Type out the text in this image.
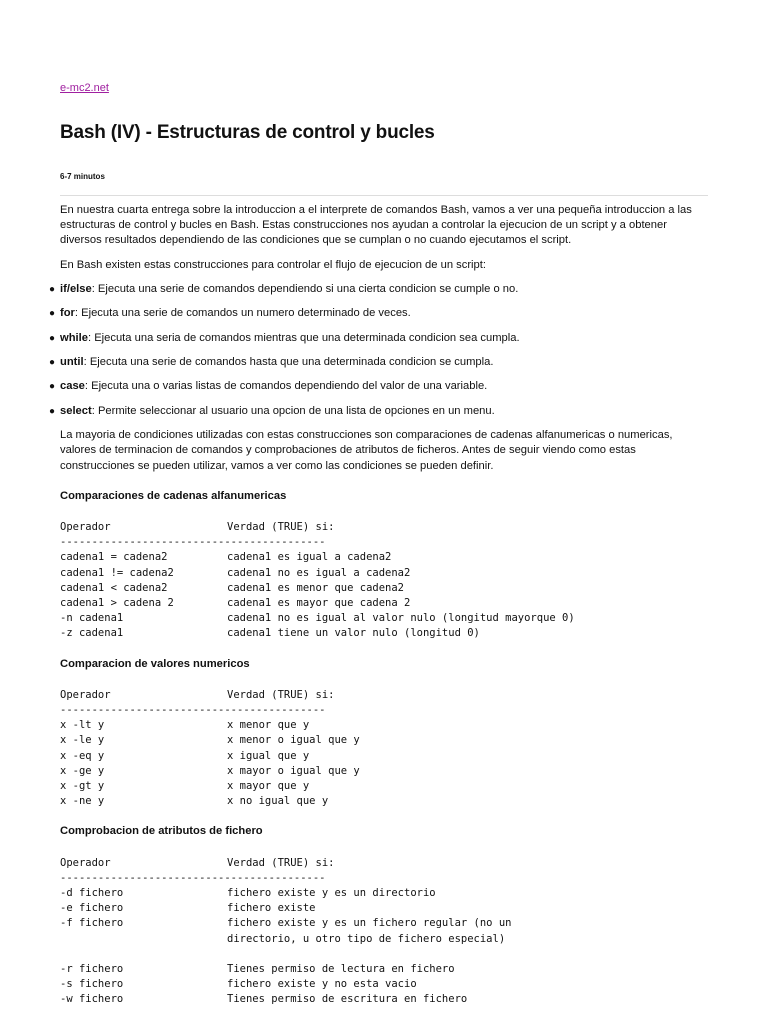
e-mc2.net
Bash (IV) - Estructuras de control y bucles
6-7 minutos

En nuestra cuarta entrega sobre la introduccion a el interprete de comandos Bash, vamos a ver una pequeña introduccion a las estructuras de control y bucles en Bash. Estas construcciones nos ayudan a controlar la ejecucion de un script y a obtener diversos resultados dependiendo de las condiciones que se cumplan o no cuando ejecutamos el script.

En Bash existen estas construcciones para controlar el flujo de ejecucion de un script:

● if/else: Ejecuta una serie de comandos dependiendo si una cierta condicion se cumple o no.
● for: Ejecuta una serie de comandos un numero determinado de veces.
● while: Ejecuta una seria de comandos mientras que una determinada condicion sea cumpla.
● until: Ejecuta una serie de comandos hasta que una determinada condicion se cumpla.
● case: Ejecuta una o varias listas de comandos dependiendo del valor de una variable.
● select: Permite seleccionar al usuario una opcion de una lista de opciones en un menu.

La mayoria de condiciones utilizadas con estas construcciones son comparaciones de cadenas alfanumericas o numericas, valores de terminacion de comandos y comprobaciones de atributos de ficheros. Antes de seguir viendo como estas construcciones se pueden utilizar, vamos a ver como las condiciones se pueden definir.

Comparaciones de cadenas alfanumericas
Operador	Verdad (TRUE) si:
------------------------------------------
cadena1 = cadena2	cadena1 es igual a cadena2
cadena1 != cadena2	cadena1 no es igual a cadena2
cadena1 < cadena2	cadena1 es menor que cadena2
cadena1 > cadena 2	cadena1 es mayor que cadena 2
-n cadena1	cadena1 no es igual al valor nulo (longitud mayorque 0)
-z cadena1	cadena1 tiene un valor nulo (longitud 0)
Comparacion de valores numericos
Operador	Verdad (TRUE) si:
------------------------------------------
x -lt y	x menor que y
x -le y	x menor o igual que y
x -eq y	x igual que y
x -ge y	x mayor o igual que y
x -gt y	x mayor que y
x -ne y	x no igual que y
Comprobacion de atributos de fichero
Operador	Verdad (TRUE) si:
------------------------------------------
-d fichero	fichero existe y es un directorio
-e fichero	fichero existe
-f fichero	fichero existe y es un fichero regular (no un
directorio, u otro tipo de fichero especial)
-r fichero	Tienes permiso de lectura en fichero
-s fichero	fichero existe y no esta vacio
-w fichero	Tienes permiso de escritura en fichero
